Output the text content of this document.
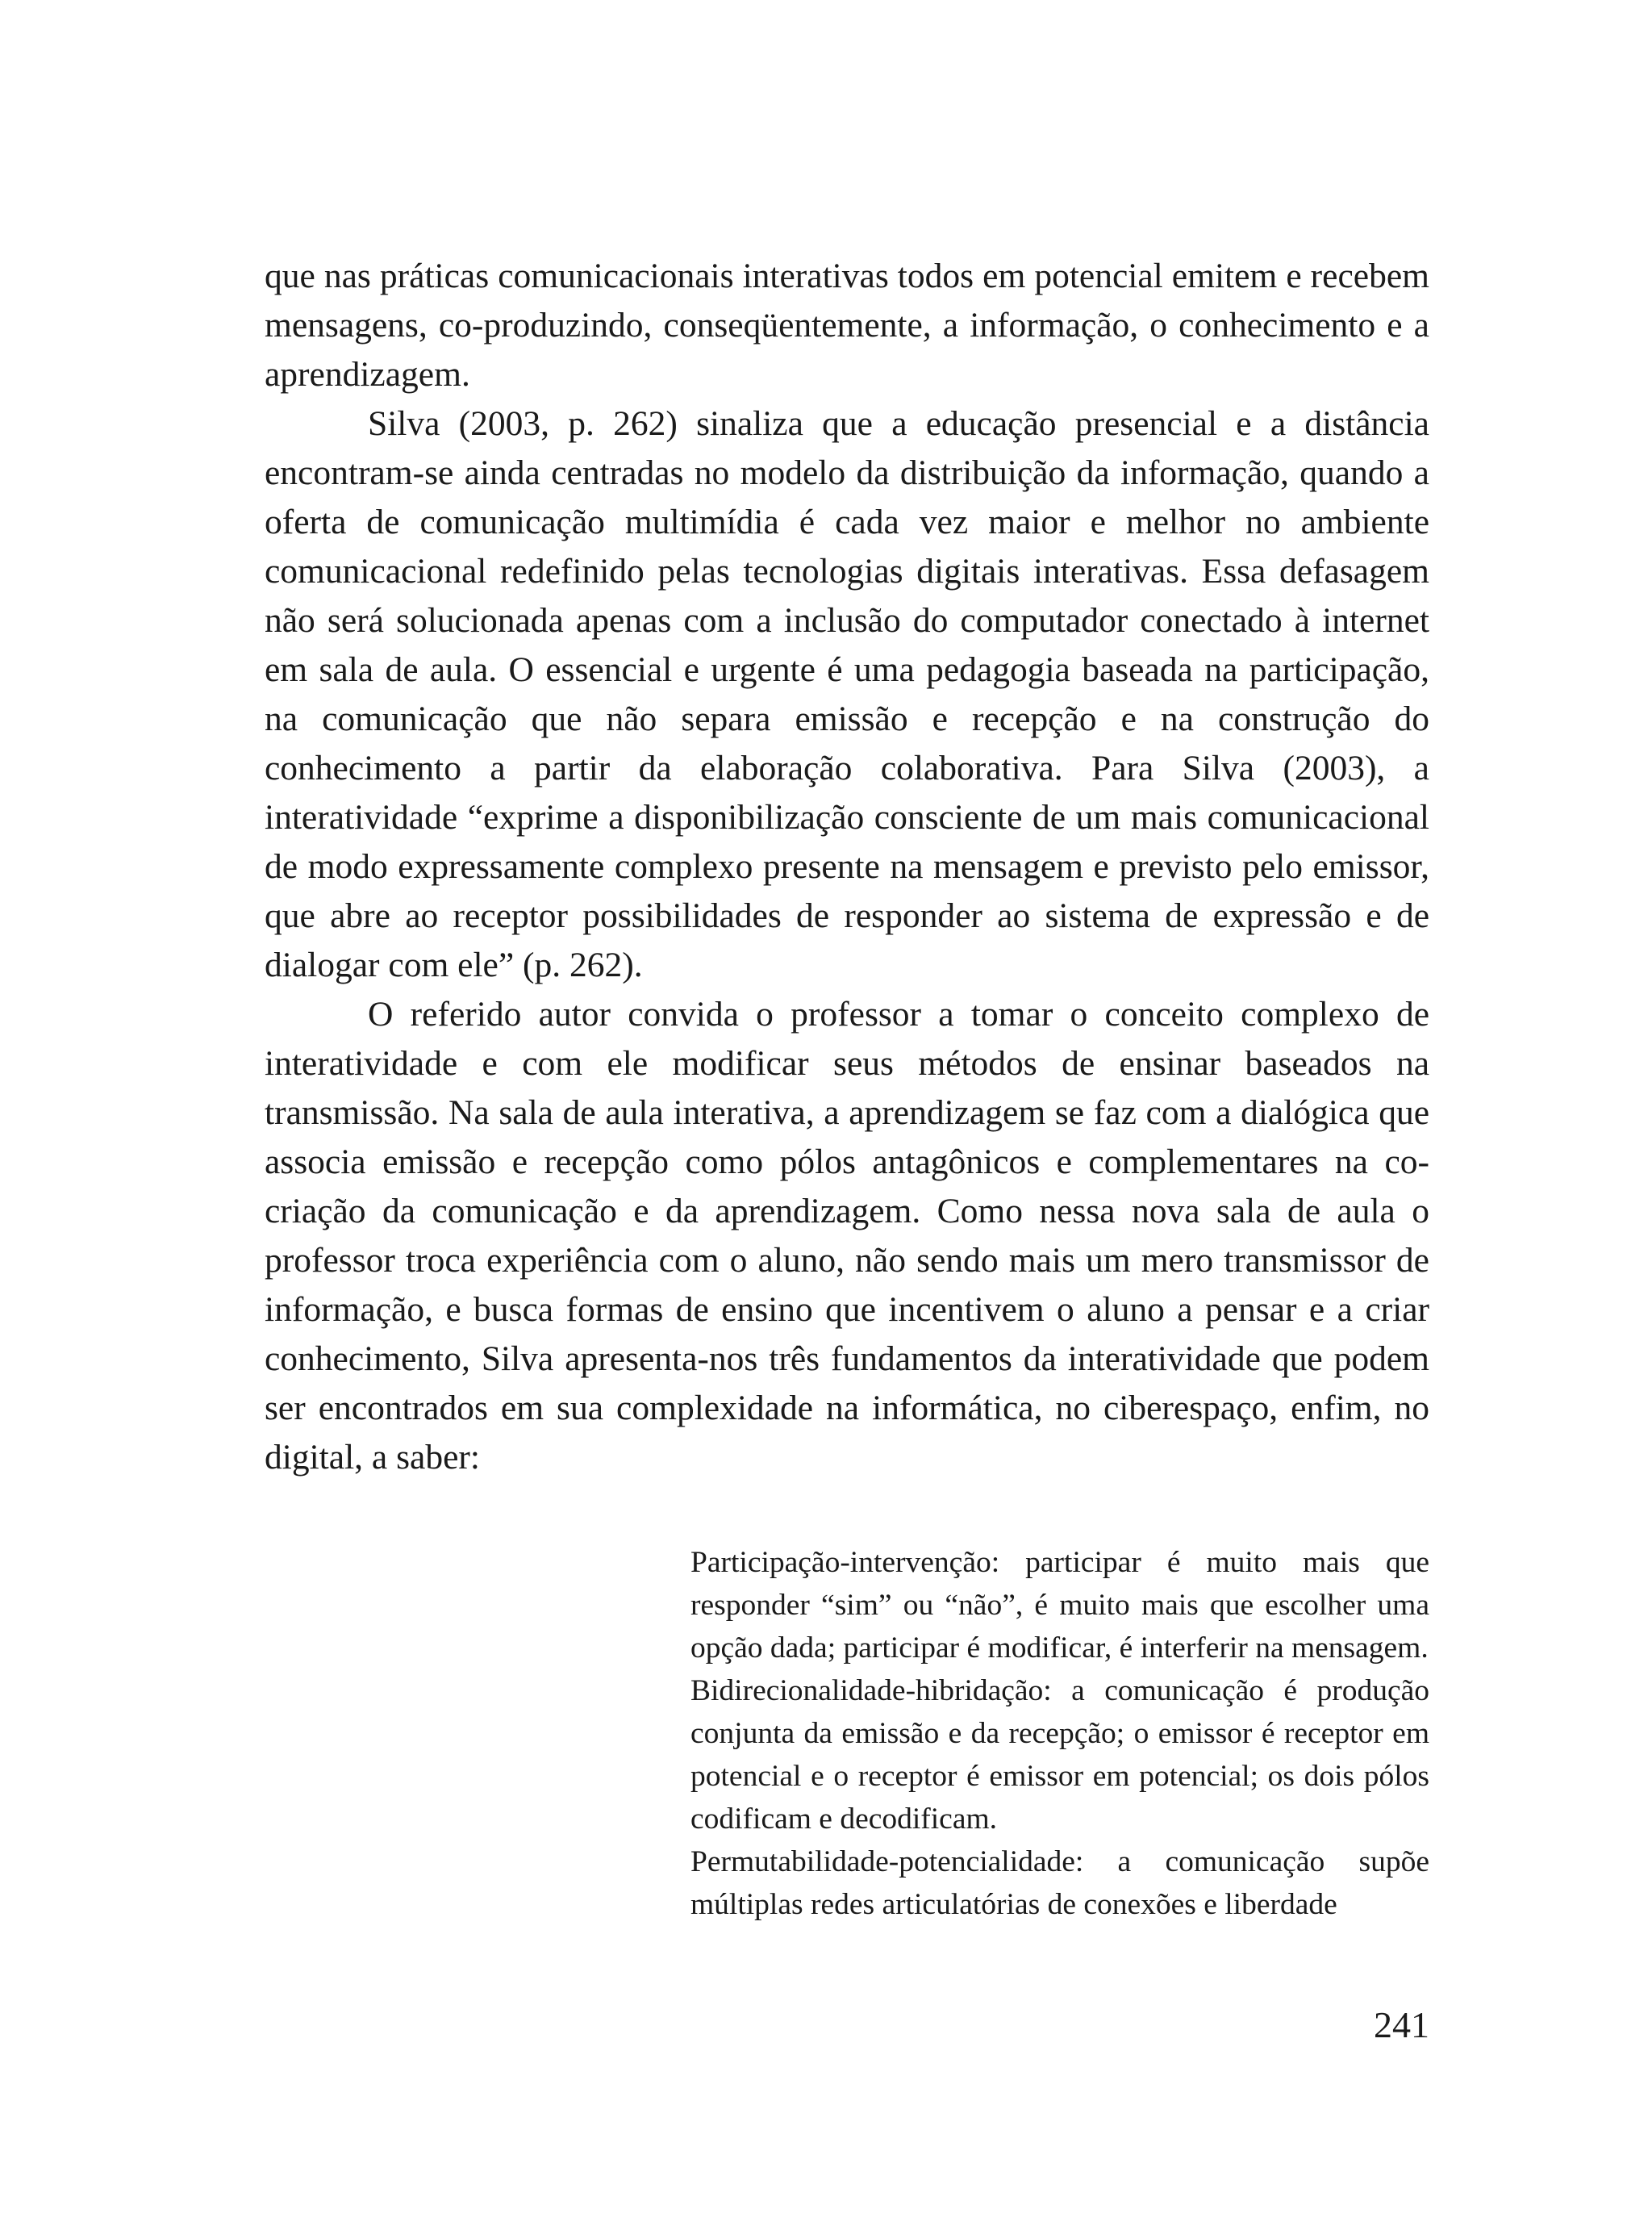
que nas práticas comunicacionais interativas todos em potencial emitem e recebem mensagens, co-produzindo, conseqüentemente, a informação, o conhecimento e a aprendizagem.

Silva (2003, p. 262) sinaliza que a educação presencial e a distância encontram-se ainda centradas no modelo da distribuição da informação, quando a oferta de comunicação multimídia é cada vez maior e melhor no ambiente comunicacional redefinido pelas tecnologias digitais interativas. Essa defasagem não será solucionada apenas com a inclusão do computador conectado à internet em sala de aula. O essencial e urgente é uma pedagogia baseada na participação, na comunicação que não separa emissão e recepção e na construção do conhecimento a partir da elaboração colaborativa. Para Silva (2003), a interatividade “exprime a disponibilização consciente de um mais comunicacional de modo expressamente complexo presente na mensagem e previsto pelo emissor, que abre ao receptor possibilidades de responder ao sistema de expressão e de dialogar com ele” (p. 262).

O referido autor convida o professor a tomar o conceito complexo de interatividade e com ele modificar seus métodos de ensinar baseados na transmissão. Na sala de aula interativa, a aprendizagem se faz com a dialógica que associa emissão e recepção como pólos antagônicos e complementares na co-criação da comunicação e da aprendizagem. Como nessa nova sala de aula o professor troca experiência com o aluno, não sendo mais um mero transmissor de informação, e busca formas de ensino que incentivem o aluno a pensar e a criar conhecimento, Silva apresenta-nos três fundamentos da interatividade que podem ser encontrados em sua complexidade na informática, no ciberespaço, enfim, no digital, a saber:

Participação-intervenção: participar é muito mais que responder “sim” ou “não”, é muito mais que escolher uma opção dada; participar é modificar, é interferir na mensagem.

Bidirecionalidade-hibridação: a comunicação é produção conjunta da emissão e da recepção; o emissor é receptor em potencial e o receptor é emissor em potencial; os dois pólos codificam e decodificam.

Permutabilidade-potencialidade: a comunicação supõe múltiplas redes articulatórias de conexões e liberdade

241
